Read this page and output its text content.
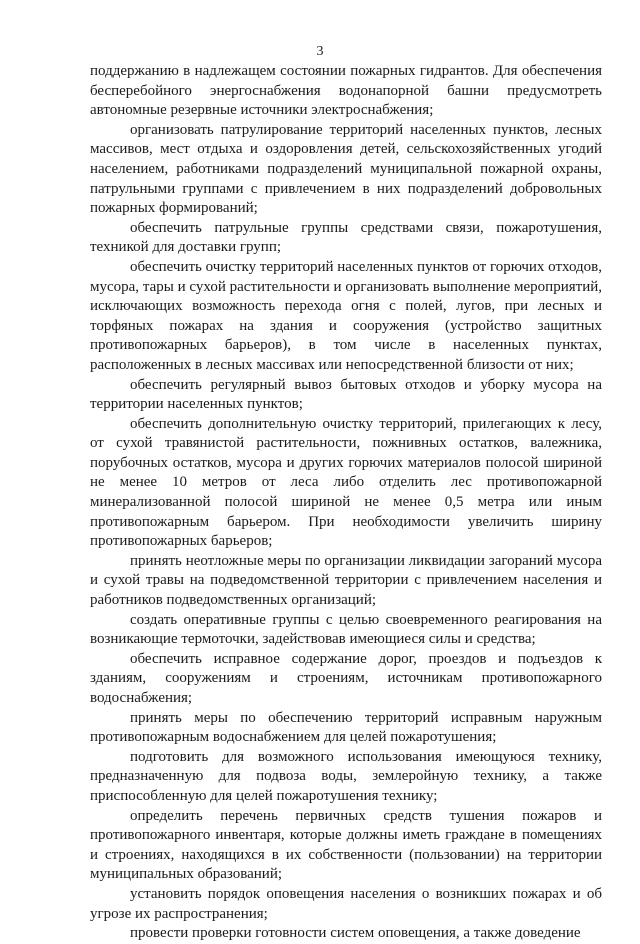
3

поддержанию в надлежащем состоянии пожарных гидрантов. Для обеспечения бесперебойного энергоснабжения водонапорной башни предусмотреть автономные резервные источники электроснабжения;

организовать патрулирование территорий населенных пунктов, лесных массивов, мест отдыха и оздоровления детей, сельскохозяйственных угодий населением, работниками подразделений муниципальной пожарной охраны, патрульными группами с привлечением в них подразделений добровольных пожарных формирований;

обеспечить патрульные группы средствами связи, пожаротушения, техникой для доставки групп;

обеспечить очистку территорий населенных пунктов от горючих отходов, мусора, тары и сухой растительности и организовать выполнение мероприятий, исключающих возможность перехода огня с полей, лугов, при лесных и торфяных пожарах на здания и сооружения (устройство защитных противопожарных барьеров), в том числе в населенных пунктах, расположенных в лесных массивах или непосредственной близости от них;

обеспечить регулярный вывоз бытовых отходов и уборку мусора на территории населенных пунктов;

обеспечить дополнительную очистку территорий, прилегающих к лесу, от сухой травянистой растительности, пожнивных остатков, валежника, порубочных остатков, мусора и других горючих материалов полосой шириной не менее 10 метров от леса либо отделить лес противопожарной минерализованной полосой шириной не менее 0,5 метра или иным противопожарным барьером. При необходимости увеличить ширину противопожарных барьеров;

принять неотложные меры по организации ликвидации загораний мусора и сухой травы на подведомственной территории с привлечением населения и работников подведомственных организаций;

создать оперативные группы с целью своевременного реагирования на возникающие термоточки, задействовав имеющиеся силы и средства;

обеспечить исправное содержание дорог, проездов и подъездов к зданиям, сооружениям и строениям, источникам противопожарного водоснабжения;

принять меры по обеспечению территорий исправным наружным противопожарным водоснабжением для целей пожаротушения;

подготовить для возможного использования имеющуюся технику, предназначенную для подвоза воды, землеройную технику, а также приспособленную для целей пожаротушения технику;

определить перечень первичных средств тушения пожаров и противопожарного инвентаря, которые должны иметь граждане в помещениях и строениях, находящихся в их собственности (пользовании) на территории муниципальных образований;

установить порядок оповещения населения о возникших пожарах и об угрозе их распространения;

провести проверки готовности систем оповещения, а также доведение
